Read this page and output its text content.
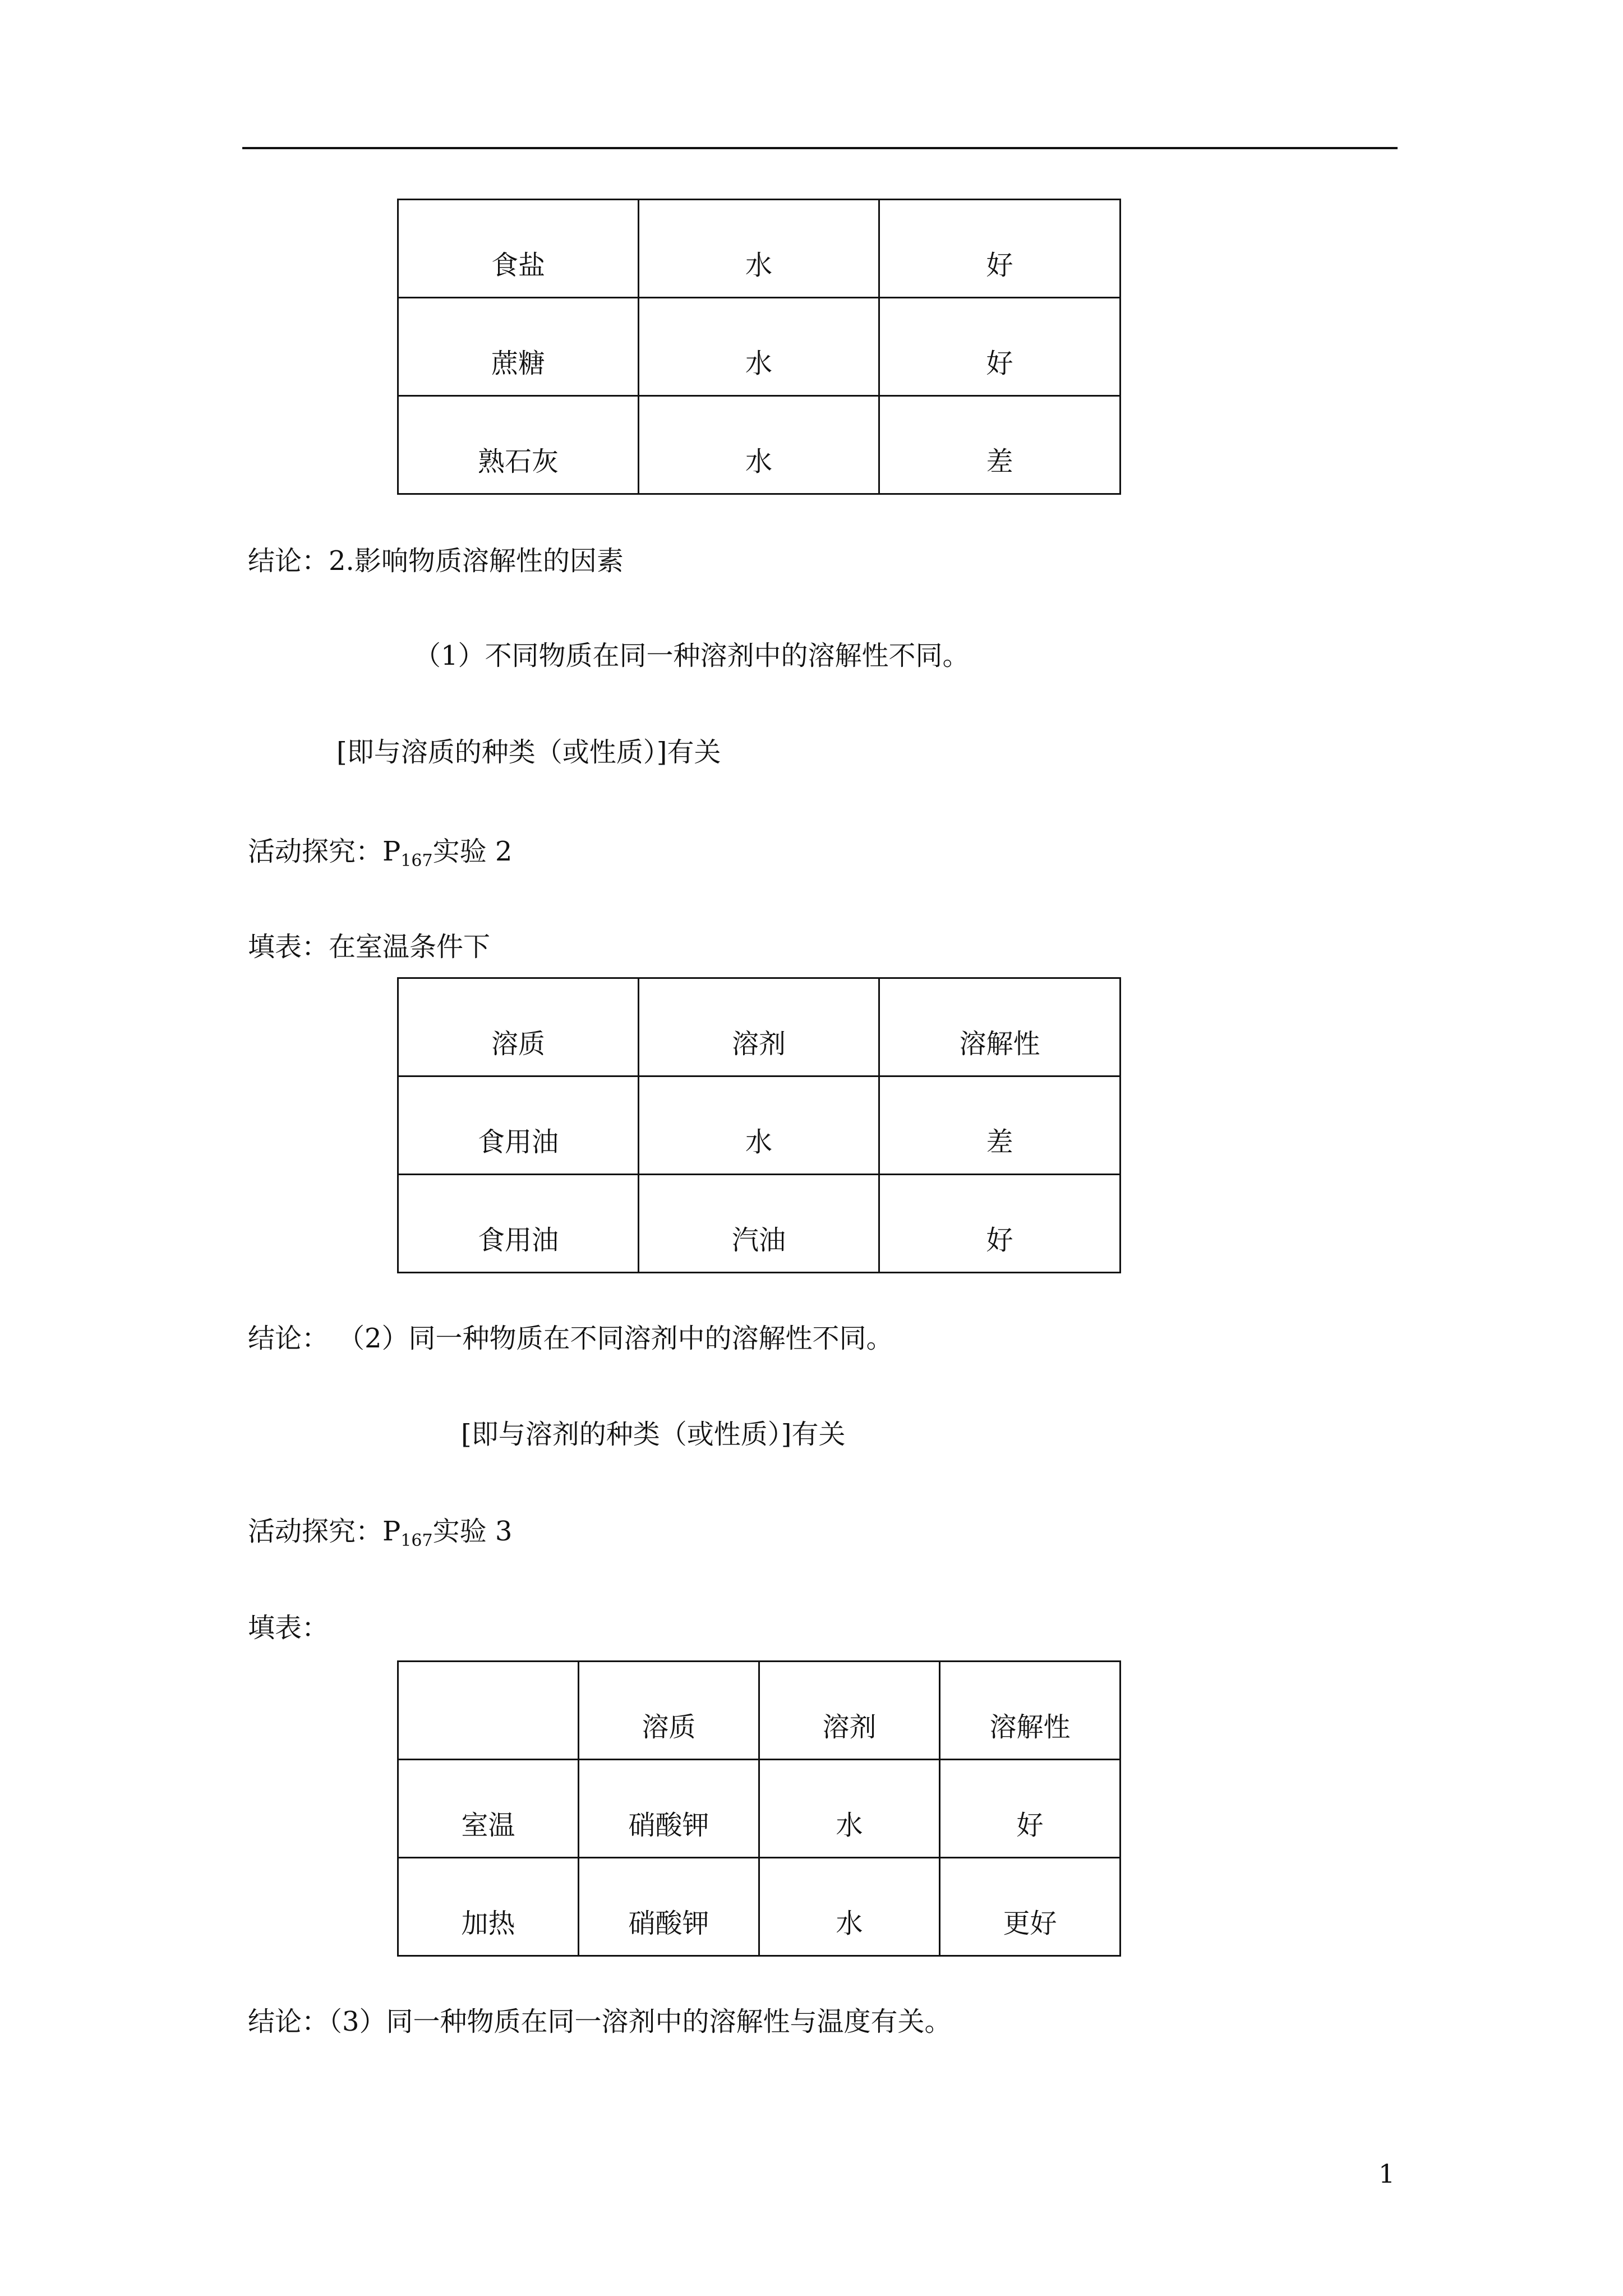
食盐	水	好
蔗糖	水	好
熟石灰	水	差
结论：2.影响物质溶解性的因素
（1）不同物质在同一种溶剂中的溶解性不同。
[即与溶质的种类（或性质）]有关
活动探究：$P_{167}$实验 2
填表：在室温条件下
溶质	溶剂	溶解性
食用油	水	差
食用油	汽油	好
结论： （2）同一种物质在不同溶剂中的溶解性不同。
[即与溶剂的种类（或性质）]有关
活动探究：$P_{167}$实验 3
填表：
	溶质	溶剂	溶解性
室温	硝酸钾	水	好
加热	硝酸钾	水	更好
结论：（3）同一种物质在同一溶剂中的溶解性与温度有关。
1
